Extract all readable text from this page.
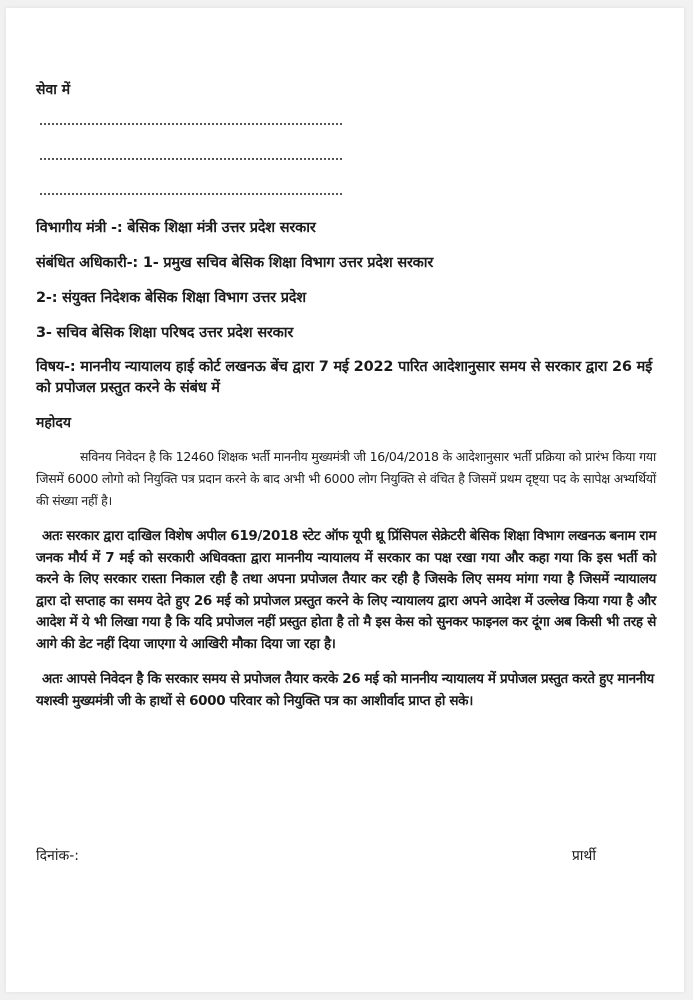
सेवा में
विभागीय मंत्री -: बेसिक शिक्षा मंत्री उत्तर प्रदेश सरकार
संबंधित अधिकारी-: 1- प्रमुख सचिव बेसिक शिक्षा विभाग उत्तर प्रदेश सरकार
2-: संयुक्त निदेशक बेसिक शिक्षा विभाग उत्तर प्रदेश
3- सचिव बेसिक शिक्षा परिषद उत्तर प्रदेश सरकार
विषय-: माननीय न्यायालय हाई कोर्ट लखनऊ बेंच द्वारा 7 मई 2022 पारित आदेशानुसार समय से सरकार द्वारा 26 मई को प्रपोजल प्रस्तुत करने के संबंध में
महोदय

सविनय निवेदन है कि 12460 शिक्षक भर्ती माननीय मुख्यमंत्री जी 16/04/2018 के आदेशानुसार भर्ती प्रक्रिया को प्रारंभ किया गया जिसमें 6000 लोगो को नियुक्ति पत्र प्रदान करने के बाद अभी भी 6000 लोग नियुक्ति से वंचित है जिसमें प्रथम दृष्ट्या पद के सापेक्ष अभ्यर्थियों की संख्या नहीं है।

अतः सरकार द्वारा दाखिल विशेष अपील 619/2018 स्टेट ऑफ यूपी थ्रू प्रिंसिपल सेक्रेटरी बेसिक शिक्षा विभाग लखनऊ बनाम राम जनक मौर्य में 7 मई को सरकारी अधिवक्ता द्वारा माननीय न्यायालय में सरकार का पक्ष रखा गया और कहा गया कि इस भर्ती को करने के लिए सरकार रास्ता निकाल रही है तथा अपना प्रपोजल तैयार कर रही है जिसके लिए समय मांगा गया है जिसमें न्यायालय द्वारा दो सप्ताह का समय देते हुए 26 मई को प्रपोजल प्रस्तुत करने के लिए न्यायालय द्वारा अपने आदेश में उल्लेख किया गया है और आदेश में ये भी लिखा गया है कि यदि प्रपोजल नहीं प्रस्तुत होता है तो मै इस केस को सुनकर फाइनल कर दूंगा अब किसी भी तरह से आगे की डेट नहीं दिया जाएगा ये आखिरी मौका दिया जा रहा है।

अतः आपसे निवेदन है कि सरकार समय से प्रपोजल तैयार करके 26 मई को माननीय न्यायालय में प्रपोजल प्रस्तुत करते हुए माननीय यशस्वी मुख्यमंत्री जी के हाथों से 6000 परिवार को नियुक्ति पत्र का आशीर्वाद प्राप्त हो सके।

दिनांक-:	प्रार्थी
